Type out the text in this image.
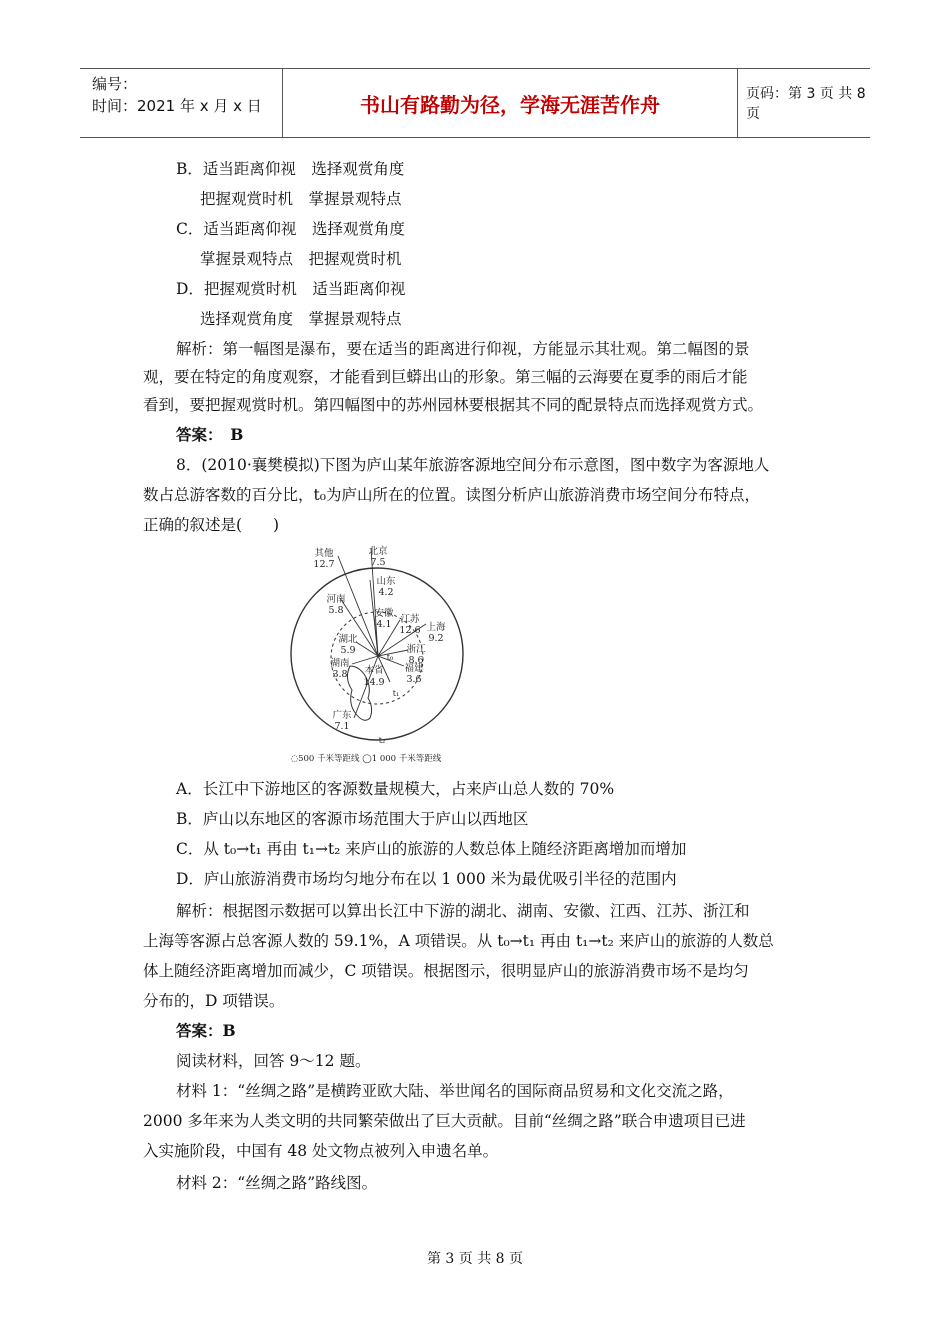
编号：
时间：2021 年 x 月 x 日	书山有路勤为径，学海无涯苦作舟	页码：第 3 页 共 8 页
B．适当距离仰视　选择观赏角度
把握观赏时机　掌握景观特点
C．适当距离仰视　选择观赏角度
掌握景观特点　把握观赏时机
D．把握观赏时机　适当距离仰视
选择观赏角度　掌握景观特点
解析：第一幅图是瀑布，要在适当的距离进行仰视，方能显示其壮观。第二幅图的景
观，要在特定的角度观察，才能看到巨蟒出山的形象。第三幅的云海要在夏季的雨后才能
看到，要把握观赏时机。第四幅图中的苏州园林要根据其不同的配景特点而选择观赏方式。
答案：　B
8．(2010·襄樊模拟)下图为庐山某年旅游客源地空间分布示意图，图中数字为客源地人
数占总游客数的百分比，t₀为庐山所在的位置。读图分析庐山旅游消费市场空间分布特点，
正确的叙述是(　　)
其他
12.7
北京
7.5
山东
4.2
河南
5.8	安徽
4.1 江苏
12.6 上海
9.2
湖北
5.9	浙江
8.6
福建
3.6
湖南
3.8 本省
14.9
广东
7.1
t₀
t₁
t₂
◌500 千米等距线 ◯1 000 千米等距线
A．长江中下游地区的客源数量规模大，占来庐山总人数的 70%
B．庐山以东地区的客源市场范围大于庐山以西地区
C．从 t₀→t₁ 再由 t₁→t₂ 来庐山的旅游的人数总体上随经济距离增加而增加
D．庐山旅游消费市场均匀地分布在以 1 000 米为最优吸引半径的范围内
解析：根据图示数据可以算出长江中下游的湖北、湖南、安徽、江西、江苏、浙江和
上海等客源占总客源人数的 59.1%，A 项错误。从 t₀→t₁ 再由 t₁→t₂ 来庐山的旅游的人数总
体上随经济距离增加而减少，C 项错误。根据图示，很明显庐山的旅游消费市场不是均匀
分布的，D 项错误。
答案：B
阅读材料，回答 9～12 题。
材料 1：“丝绸之路”是横跨亚欧大陆、举世闻名的国际商品贸易和文化交流之路，
2000 多年来为人类文明的共同繁荣做出了巨大贡献。目前“丝绸之路”联合申遗项目已进
入实施阶段，中国有 48 处文物点被列入申遗名单。
材料 2：“丝绸之路”路线图。
第 3 页 共 8 页
